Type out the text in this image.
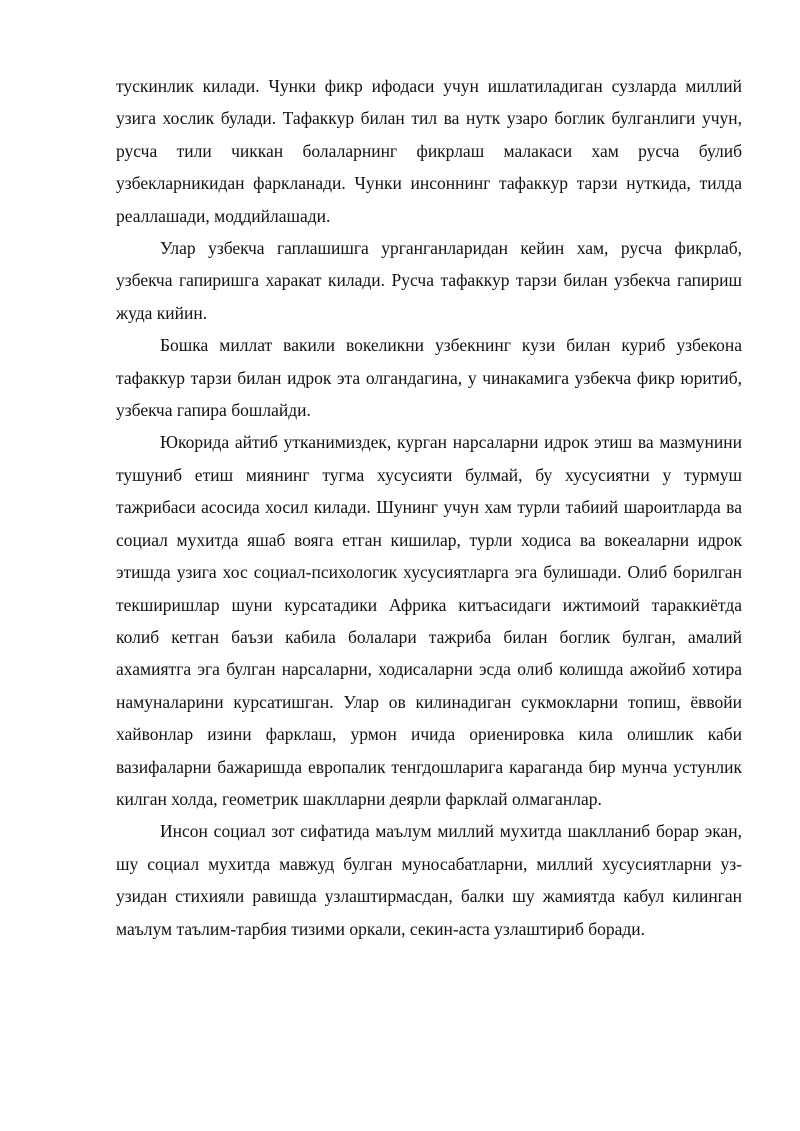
тускинлик килади. Чунки фикр ифодаси учун ишлатиладиган сузларда миллий узига хослик булади. Тафаккур билан тил ва нутк узаро боглик булганлиги учун, русча тили чиккан болаларнинг фикрлаш малакаси хам русча булиб узбекларникидан фаркланади. Чунки инсоннинг тафаккур тарзи нуткида, тилда реаллашади, моддийлашади.

Улар узбекча гаплашишга урганганларидан кейин хам, русча фикрлаб, узбекча гапиришга харакат килади. Русча тафаккур тарзи билан узбекча гапириш жуда кийин.

Бошка миллат вакили вокеликни узбекнинг кузи билан куриб узбекона тафаккур тарзи билан идрок эта олгандагина, у чинакамига узбекча фикр юритиб, узбекча гапира бошлайди.

Юкорида айтиб утканимиздек, курган нарсаларни идрок этиш ва мазмунини тушуниб етиш миянинг тугма хусусияти булмай, бу хусусиятни у турмуш тажрибаси асосида хосил килади. Шунинг учун хам турли табиий шароитларда ва социал мухитда яшаб вояга етган кишилар, турли ходиса ва вокеаларни идрок этишда узига хос социал-психологик хусусиятларга эга булишади. Олиб борилган текширишлар шуни курсатадики Африка китъасидаги ижтимоий тараккиётда колиб кетган баъзи кабила болалари тажриба билан боглик булган, амалий ахамиятга эга булган нарсаларни, ходисаларни эсда олиб колишда ажойиб хотира намуналарини курсатишган. Улар ов килинадиган сукмокларни топиш, ёввойи хайвонлар изини фарклаш, урмон ичида ориенировка кила олишлик каби вазифаларни бажаришда европалик тенгдошларига караганда бир мунча устунлик килган холда, геометрик шаклларни деярли фарклай олмаганлар.

Инсон социал зот сифатида маълум миллий мухитда шаклланиб борар экан, шу социал мухитда мавжуд булган муносабатларни, миллий хусусиятларни уз-узидан стихияли равишда узлаштирмасдан, балки шу жамиятда кабул килинган маълум таълим-тарбия тизими оркали, секин-аста узлаштириб боради.
